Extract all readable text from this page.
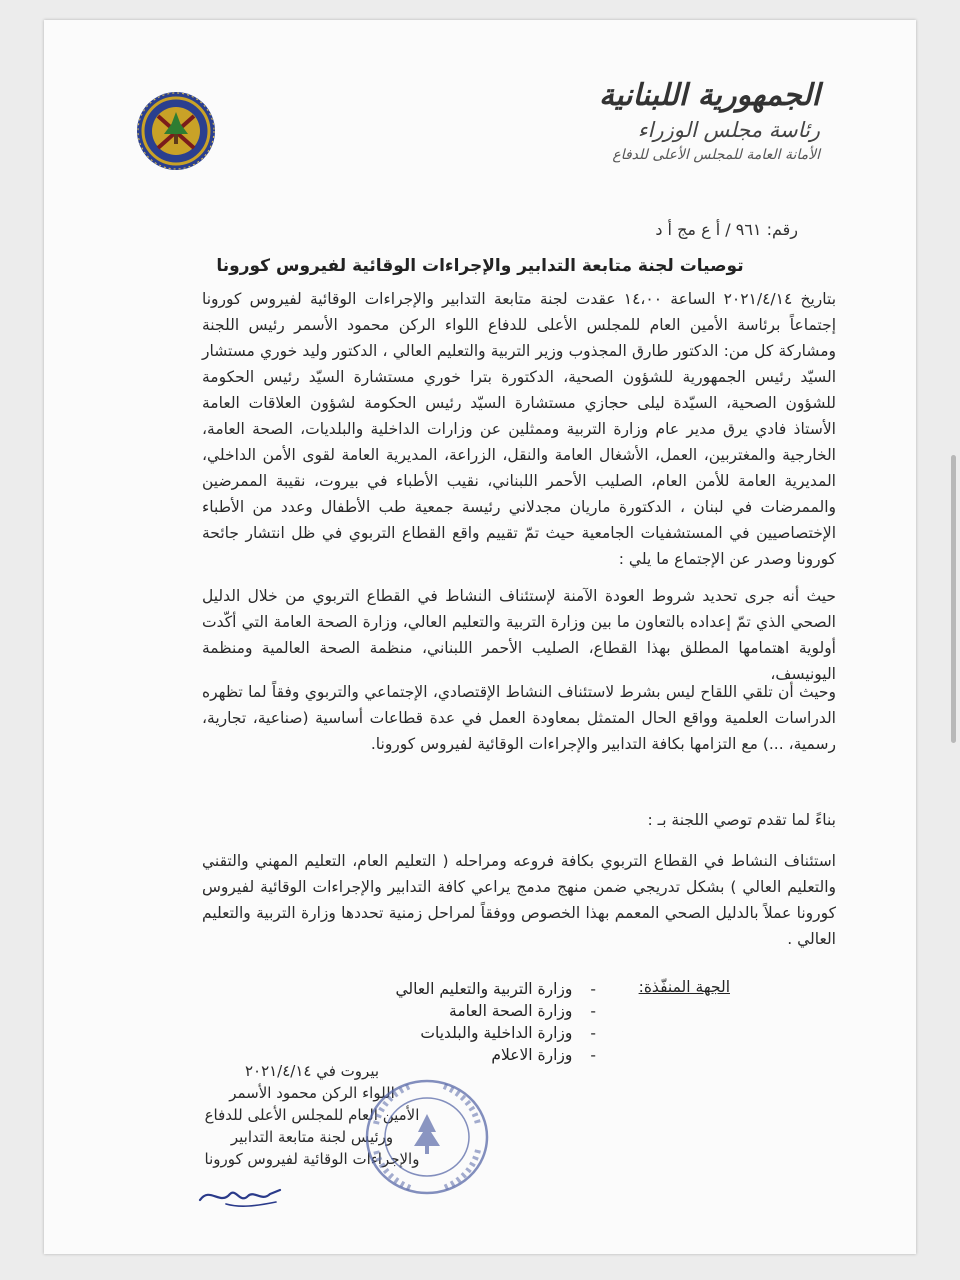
الجمهورية اللبنانية
رئاسة مجلس الوزراء
الأمانة العامة للمجلس الأعلى للدفاع
رقم: ٩٦١ / أ ع مج أ د
توصيات لجنة متابعة التدابير والإجراءات الوقائية لفيروس كورونا
بتاريخ ٢٠٢١/٤/١٤ الساعة ١٤،٠٠ عقدت لجنة متابعة التدابير والإجراءات الوقائية لفيروس كورونا إجتماعاً برئاسة الأمين العام للمجلس الأعلى للدفاع اللواء الركن محمود الأسمر رئيس اللجنة ومشاركة كل من: الدكتور طارق المجذوب وزير التربية والتعليم العالي ، الدكتور وليد خوري مستشار السيّد رئيس الجمهورية للشؤون الصحية، الدكتورة بترا خوري مستشارة السيّد رئيس الحكومة للشؤون الصحية، السيّدة ليلى حجازي مستشارة السيّد رئيس الحكومة لشؤون العلاقات العامة الأستاذ فادي يرق مدير عام وزارة التربية وممثلين عن وزارات الداخلية والبلديات، الصحة العامة، الخارجية والمغتربين، العمل، الأشغال العامة والنقل، الزراعة، المديرية العامة لقوى الأمن الداخلي، المديرية العامة للأمن العام، الصليب الأحمر اللبناني، نقيب الأطباء في بيروت، نقيبة الممرضين والممرضات في لبنان ، الدكتورة ماريان مجدلاني رئيسة جمعية طب الأطفال وعدد من الأطباء الإختصاصيين في المستشفيات الجامعية حيث تمّ تقييم واقع القطاع التربوي في ظل انتشار جائحة كورونا وصدر عن الإجتماع ما يلي :
حيث أنه جرى تحديد شروط العودة الآمنة لإستئناف النشاط في القطاع التربوي من خلال الدليل الصحي الذي تمّ إعداده بالتعاون ما بين وزارة التربية والتعليم العالي، وزارة الصحة العامة التي أكّدت أولوية اهتمامها المطلق بهذا القطاع، الصليب الأحمر اللبناني، منظمة الصحة العالمية ومنظمة اليونيسف،
وحيث أن تلقي اللقاح ليس بشرط لاستئناف النشاط الإقتصادي، الإجتماعي والتربوي وفقاً لما تظهره الدراسات العلمية وواقع الحال المتمثل بمعاودة العمل في عدة قطاعات أساسية (صناعية، تجارية، رسمية، ...) مع التزامها بكافة التدابير والإجراءات الوقائية لفيروس كورونا.
بناءً لما تقدم توصي اللجنة بـ :
استئناف النشاط في القطاع التربوي بكافة فروعه ومراحله ( التعليم العام، التعليم المهني والتقني والتعليم العالي ) بشكل تدريجي ضمن منهج مدمج يراعي كافة التدابير والإجراءات الوقائية لفيروس كورونا عملاً بالدليل الصحي المعمم بهذا الخصوص ووفقاً لمراحل زمنية تحددها وزارة التربية والتعليم العالي .
الجهة المنفّذة:
-
وزارة التربية والتعليم العالي
-
وزارة الصحة العامة
-
وزارة الداخلية والبلديات
-
وزارة الاعلام
بيروت في ٢٠٢١/٤/١٤
اللواء الركن محمود الأسمر
الأمين العام للمجلس الأعلى للدفاع
ورئيس لجنة متابعة التدابير
والإجراءات الوقائية لفيروس كورونا
